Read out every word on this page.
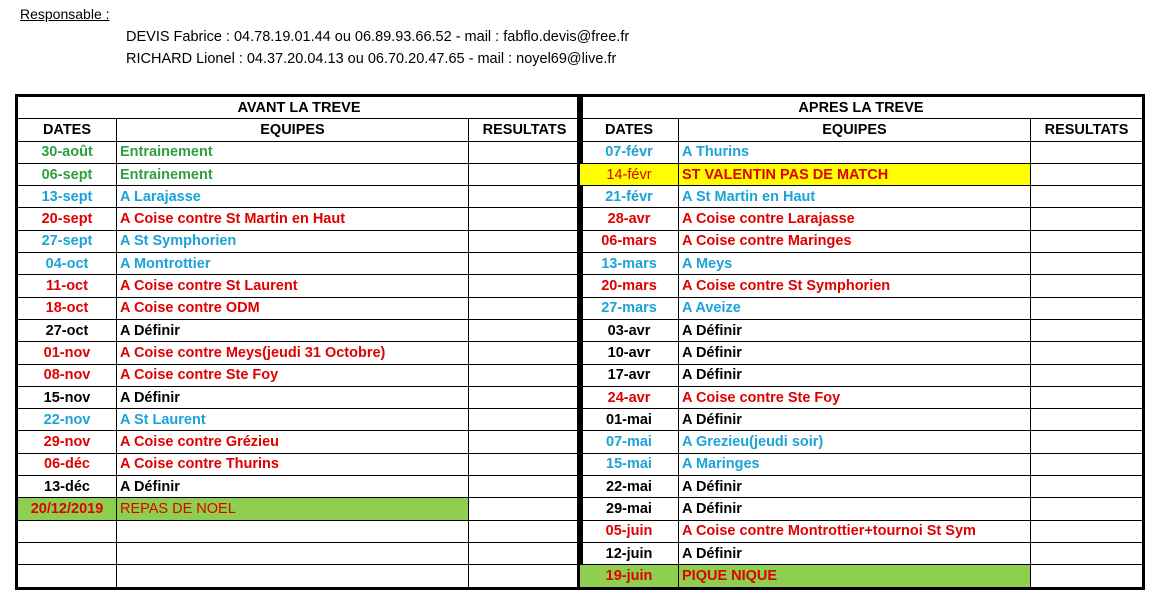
Responsable :
DEVIS Fabrice : 04.78.19.01.44 ou 06.89.93.66.52 - mail : fabflo.devis@free.fr
RICHARD Lionel : 04.37.20.04.13 ou 06.70.20.47.65 - mail : noyel69@live.fr
AVANT LA TREVE		
DATES	EQUIPES	RESULTATS
30-août	Entrainement	
06-sept	Entrainement	
13-sept	A Larajasse	
20-sept	A Coise contre St Martin en Haut	
27-sept	A St Symphorien	
04-oct	A Montrottier	
11-oct	A Coise contre St Laurent	
18-oct	A Coise contre ODM	
27-oct	A Définir	
01-nov	A Coise contre Meys(jeudi 31 Octobre)	
08-nov	A Coise contre Ste Foy	
15-nov	A Définir	
22-nov	A St Laurent	
29-nov	A Coise contre Grézieu	
06-déc	A Coise contre Thurins	
13-déc	A Définir	
20/12/2019	REPAS DE NOEL	

APRES LA TREVE		
DATES	EQUIPES	RESULTATS
07-févr	A Thurins	
14-févr	ST VALENTIN PAS DE MATCH	
21-févr	A St Martin en Haut	
28-avr	A Coise contre Larajasse	
06-mars	A Coise contre Maringes	
13-mars	A Meys	
20-mars	A Coise contre St Symphorien	
27-mars	A Aveize	
03-avr	A Définir	
10-avr	A Définir	
17-avr	A Définir	
24-avr	A Coise contre Ste Foy	
01-mai	A Définir	
07-mai	A Grezieu(jeudi soir)	
15-mai	A Maringes	
22-mai	A Définir	
29-mai	A Définir	
05-juin	A Coise contre Montrottier+tournoi St Sym	
12-juin	A Définir	
19-juin	PIQUE NIQUE	
